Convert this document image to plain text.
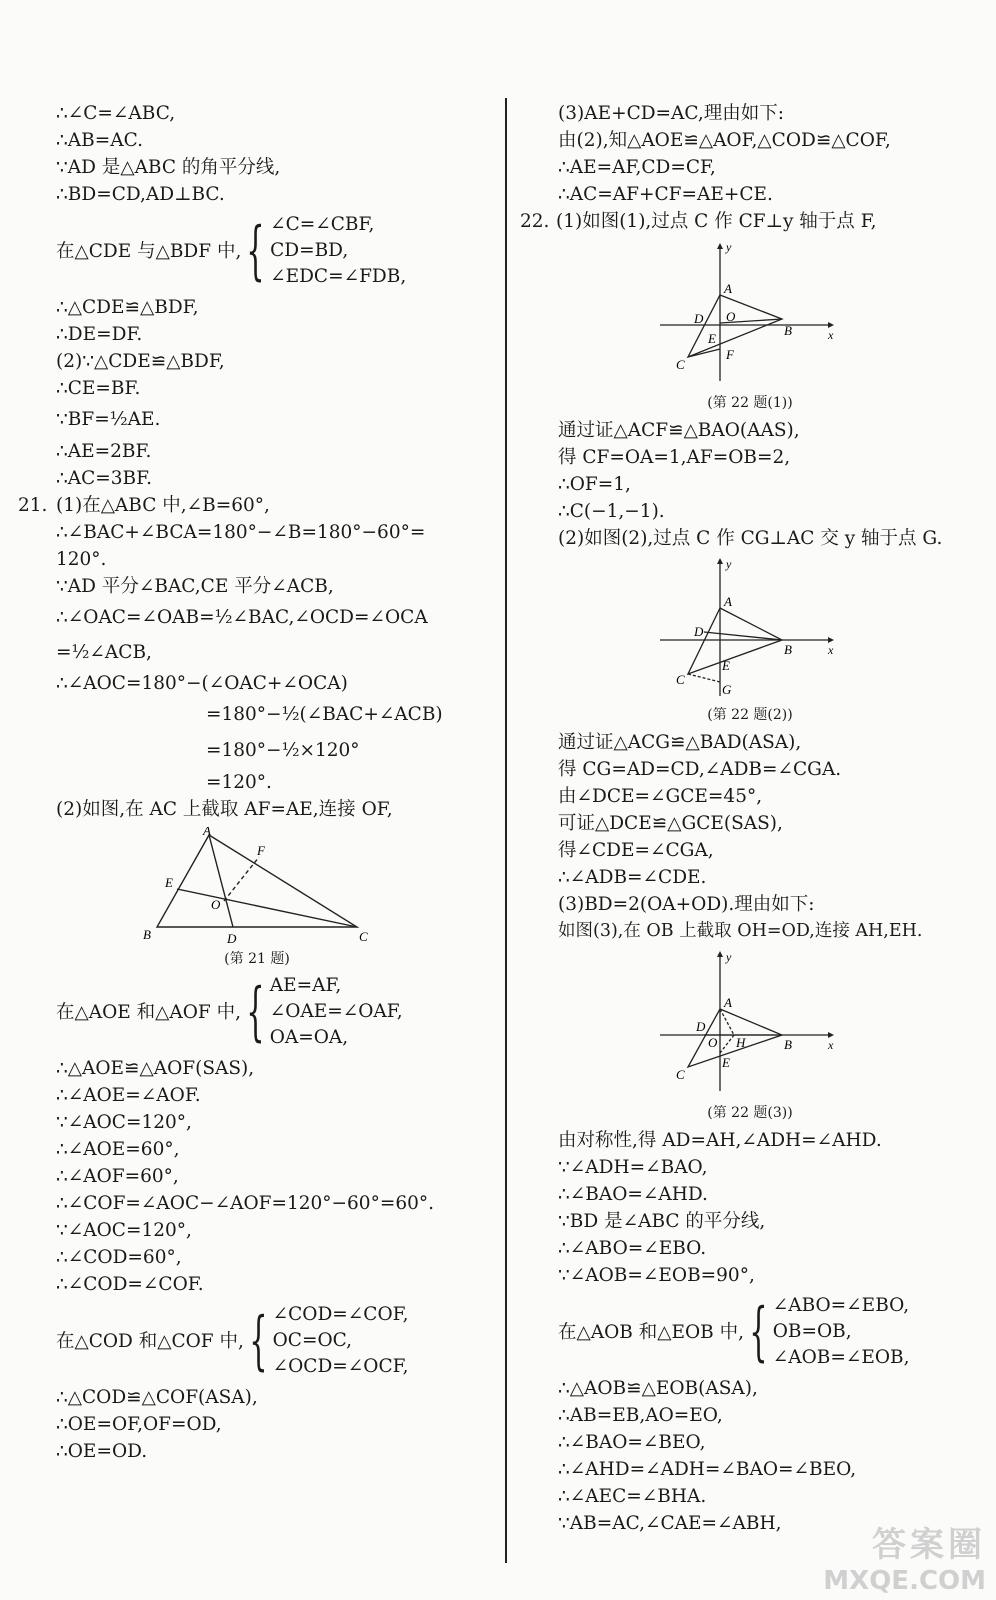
∴∠C=∠ABC,
∴AB=AC.
∵AD 是△ABC 的角平分线,
∴BD=CD,AD⊥BC.
在△CDE 与△BDF 中, { ∠C=∠CBF,
CD=BD,
∠EDC=∠FDB,
∴△CDE≌△BDF,
∴DE=DF.
(2)∵△CDE≌△BDF,
∴CE=BF.
∵BF=½AE.
∴AE=2BF.
∴AC=3BF.
21. (1)在△ABC 中,∠B=60°,
∴∠BAC+∠BCA=180°−∠B=180°−60°=
120°.
∵AD 平分∠BAC,CE 平分∠ACB,
∴∠OAC=∠OAB=½∠BAC,∠OCD=∠OCA
=½∠ACB,
∴∠AOC=180°−(∠OAC+∠OCA)
=180°−½(∠BAC+∠ACB)
=180°−½×120°
=120°.
(2)如图,在 AC 上截取 AF=AE,连接 OF,
A
B	C
D
E
F
O
(第 21 题)
在△AOE 和△AOF 中, { AE=AF,
∠OAE=∠OAF,
OA=OA,
∴△AOE≌△AOF(SAS),
∴∠AOE=∠AOF.
∵∠AOC=120°,
∴∠AOE=60°,
∴∠AOF=60°,
∴∠COF=∠AOC−∠AOF=120°−60°=60°.
∵∠AOC=120°,
∴∠COD=60°,
∴∠COD=∠COF.
在△COD 和△COF 中, { ∠COD=∠COF,
OC=OC,
∠OCD=∠OCF,
∴△COD≌△COF(ASA),
∴OE=OF,OF=OD,
∴OE=OD.
(3)AE+CD=AC,理由如下:
由(2),知△AOE≌△AOF,△COD≌△COF,
∴AE=AF,CD=CF,
∴AC=AF+CF=AE+CE.
22. (1)如图(1),过点 C 作 CF⊥y 轴于点 F,
x
y
A
B
C
D
E
F
O
(第 22 题(1))
通过证△ACF≌△BAO(AAS),
得 CF=OA=1,AF=OB=2,
∴OF=1,
∴C(−1,−1).
(2)如图(2),过点 C 作 CG⊥AC 交 y 轴于点 G.
x
y
A
B
C
D
E
G
(第 22 题(2))
通过证△ACG≌△BAD(ASA),
得 CG=AD=CD,∠ADB=∠CGA.
由∠DCE=∠GCE=45°,
可证△DCE≌△GCE(SAS),
得∠CDE=∠CGA,
∴∠ADB=∠CDE.
(3)BD=2(OA+OD).理由如下:
如图(3),在 OB 上截取 OH=OD,连接 AH,EH.
x
y
A
B
C
D
E
H
O
(第 22 题(3))
由对称性,得 AD=AH,∠ADH=∠AHD.
∵∠ADH=∠BAO,
∴∠BAO=∠AHD.
∵BD 是∠ABC 的平分线,
∴∠ABO=∠EBO.
∵∠AOB=∠EOB=90°,
在△AOB 和△EOB 中, { ∠ABO=∠EBO,
OB=OB,
∠AOB=∠EOB,
∴△AOB≌△EOB(ASA),
∴AB=EB,AO=EO,
∴∠BAO=∠BEO,
∴∠AHD=∠ADH=∠BAO=∠BEO,
∴∠AEC=∠BHA.
∵AB=AC,∠CAE=∠ABH,
答案圈
MXQE.COM
